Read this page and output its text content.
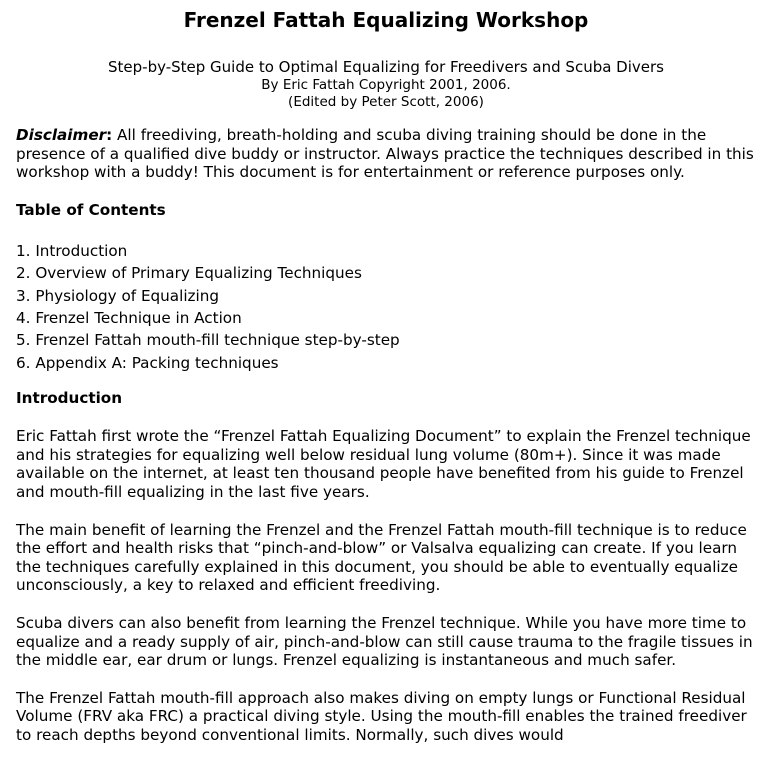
Frenzel Fattah Equalizing Workshop
Step-by-Step Guide to Optimal Equalizing for Freedivers and Scuba Divers
By Eric Fattah Copyright 2001, 2006.
(Edited by Peter Scott, 2006)

Disclaimer: All freediving, breath-holding and scuba diving training should be done in the presence of a qualified dive buddy or instructor. Always practice the techniques described in this workshop with a buddy! This document is for entertainment or reference purposes only.

Table of Contents
1. Introduction
2. Overview of Primary Equalizing Techniques
3. Physiology of Equalizing
4. Frenzel Technique in Action
5. Frenzel Fattah mouth-fill technique step-by-step
6. Appendix A: Packing techniques
Introduction

Eric Fattah first wrote the “Frenzel Fattah Equalizing Document” to explain the Frenzel technique and his strategies for equalizing well below residual lung volume (80m+). Since it was made available on the internet, at least ten thousand people have benefited from his guide to Frenzel and mouth-fill equalizing in the last five years.

The main benefit of learning the Frenzel and the Frenzel Fattah mouth-fill technique is to reduce the effort and health risks that “pinch-and-blow” or Valsalva equalizing can create. If you learn the techniques carefully explained in this document, you should be able to eventually equalize unconsciously, a key to relaxed and efficient freediving.

Scuba divers can also benefit from learning the Frenzel technique. While you have more time to equalize and a ready supply of air, pinch-and-blow can still cause trauma to the fragile tissues in the middle ear, ear drum or lungs. Frenzel equalizing is instantaneous and much safer.

The Frenzel Fattah mouth-fill approach also makes diving on empty lungs or Functional Residual Volume (FRV aka FRC) a practical diving style. Using the mouth-fill enables the trained freediver to reach depths beyond conventional limits. Normally, such dives would
